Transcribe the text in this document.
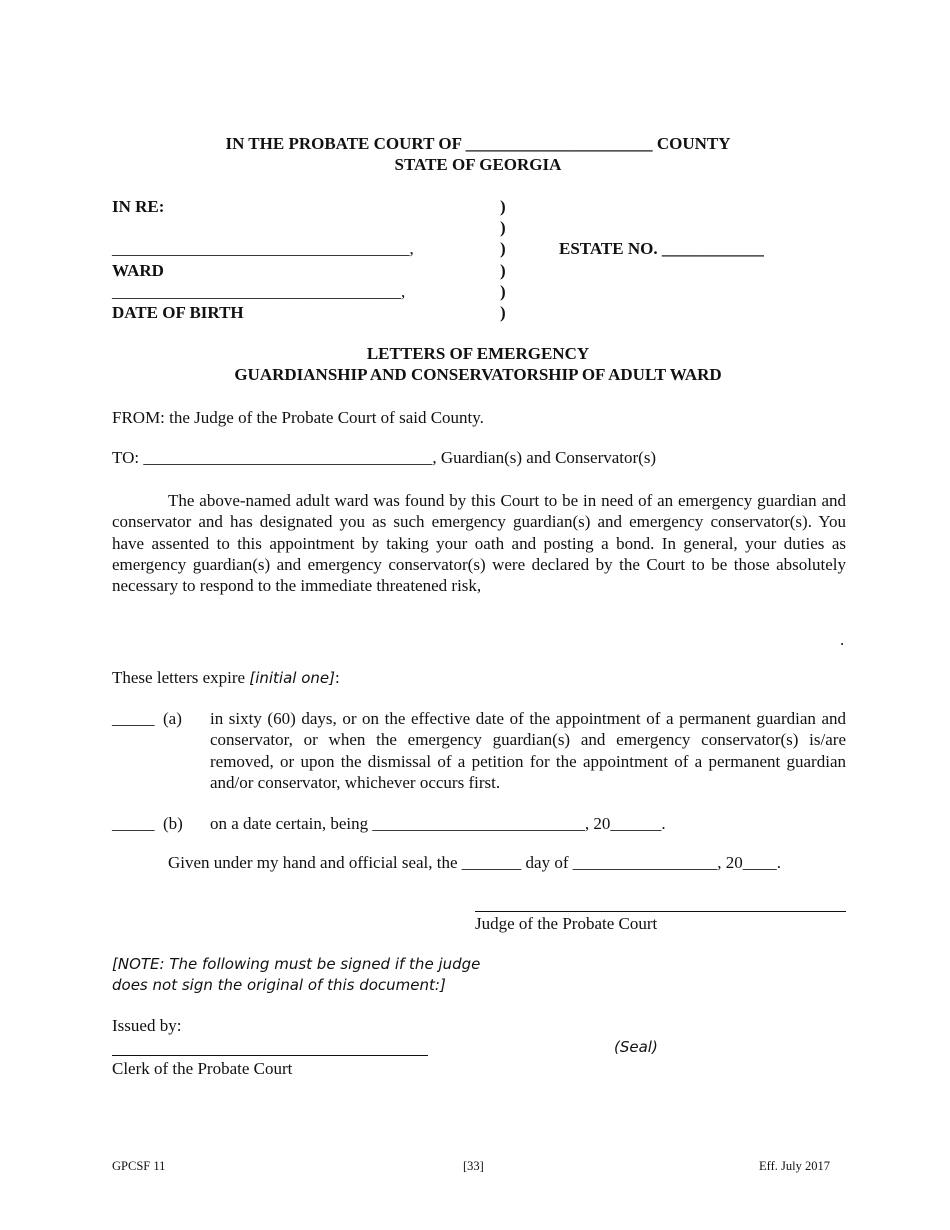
IN THE PROBATE COURT OF ______________________ COUNTY
STATE OF GEORGIA
IN RE:
___________________________________,
WARD
__________________________________,
DATE OF BIRTH
)
)
)
)
)
)
ESTATE NO. ____________
LETTERS OF EMERGENCY
GUARDIANSHIP AND CONSERVATORSHIP OF ADULT WARD
FROM: the Judge of the Probate Court of said County.
TO: __________________________________, Guardian(s) and Conservator(s)
The above-named adult ward was found by this Court to be in need of an emergency guardian and conservator and has designated you as such emergency guardian(s) and emergency conservator(s). You have assented to this appointment by taking your oath and posting a bond. In general, your duties as emergency guardian(s) and emergency conservator(s) were declared by the Court to be those absolutely necessary to respond to the immediate threatened risk,
.
These letters expire [initial one]:
_____ (a) in sixty (60) days, or on the effective date of the appointment of a permanent guardian and conservator, or when the emergency guardian(s) and emergency conservator(s) is/are removed, or upon the dismissal of a petition for the appointment of a permanent guardian and/or conservator, whichever occurs first.
_____ (b) on a date certain, being _________________________, 20______.
Given under my hand and official seal, the _______ day of _________________, 20____.
Judge of the Probate Court
[NOTE: The following must be signed if the judge
does not sign the original of this document:]
Issued by:
(Seal)
Clerk of the Probate Court
GPCSF 11	[33]	Eff. July 2017
